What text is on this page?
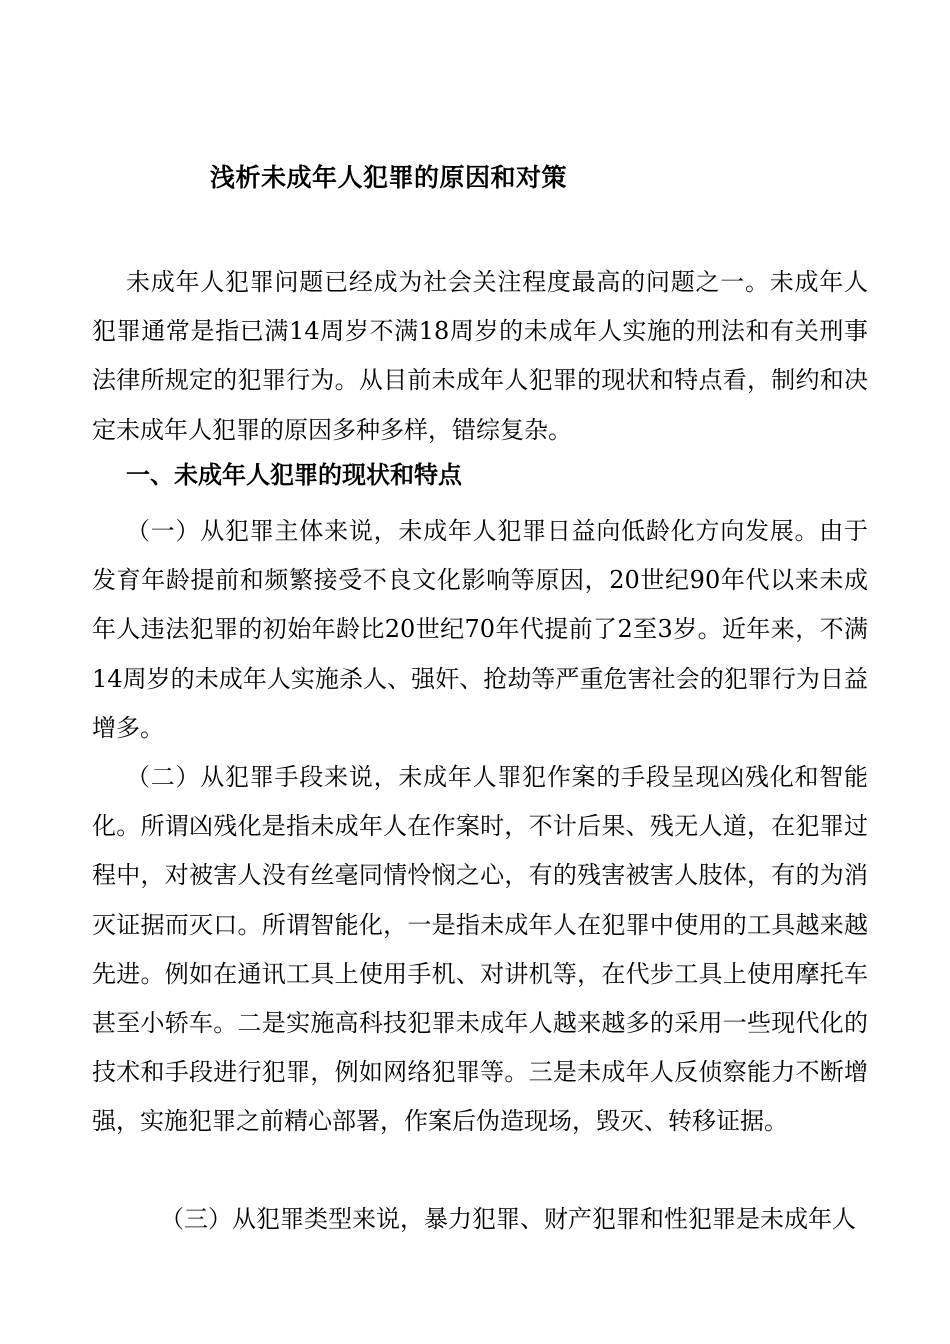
浅析未成年人犯罪的原因和对策

未成年人犯罪问题已经成为社会关注程度最高的问题之一。未成年人犯罪通常是指已满14周岁不满18周岁的未成年人实施的刑法和有关刑事法律所规定的犯罪行为。从目前未成年人犯罪的现状和特点看，制约和决定未成年人犯罪的原因多种多样，错综复杂。

一、未成年人犯罪的现状和特点

（一）从犯罪主体来说，未成年人犯罪日益向低龄化方向发展。由于发育年龄提前和频繁接受不良文化影响等原因，20世纪90年代以来未成年人违法犯罪的初始年龄比20世纪70年代提前了2至3岁。近年来，不满14周岁的未成年人实施杀人、强奸、抢劫等严重危害社会的犯罪行为日益增多。

（二）从犯罪手段来说，未成年人罪犯作案的手段呈现凶残化和智能化。所谓凶残化是指未成年人在作案时，不计后果、残无人道，在犯罪过程中，对被害人没有丝毫同情怜悯之心，有的残害被害人肢体，有的为消灭证据而灭口。所谓智能化，一是指未成年人在犯罪中使用的工具越来越先进。例如在通讯工具上使用手机、对讲机等，在代步工具上使用摩托车甚至小轿车。二是实施高科技犯罪未成年人越来越多的采用一些现代化的技术和手段进行犯罪，例如网络犯罪等。三是未成年人反侦察能力不断增强，实施犯罪之前精心部署，作案后伪造现场，毁灭、转移证据。

（三）从犯罪类型来说，暴力犯罪、财产犯罪和性犯罪是未成年人
